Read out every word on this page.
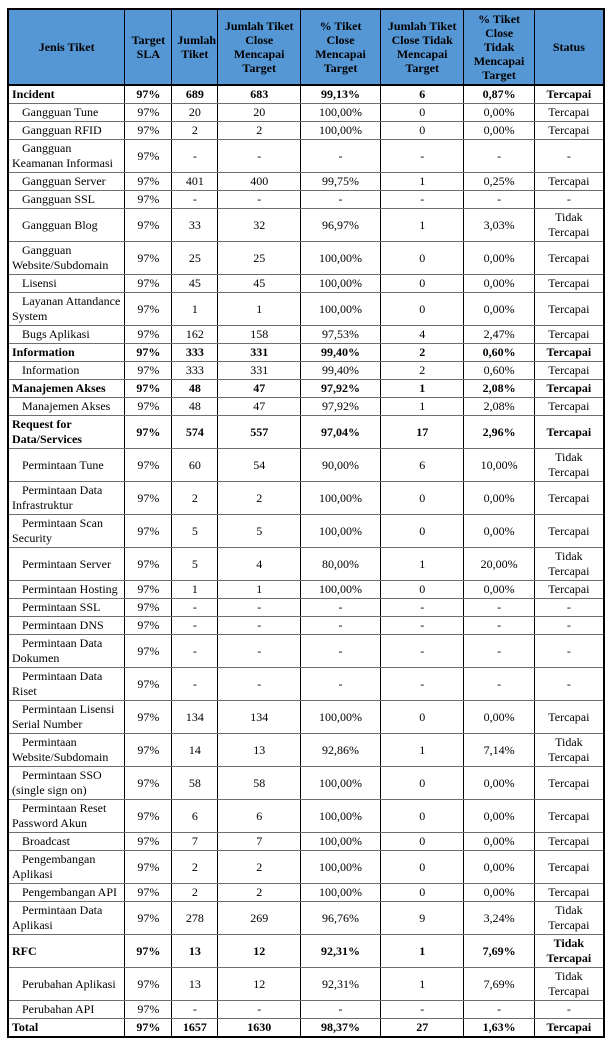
Jenis Tiket	Target SLA	Jumlah Tiket	Jumlah Tiket Close Mencapai Target	% Tiket Close Mencapai Target	Jumlah Tiket Close Tidak Mencapai Target	% Tiket Close Tidak Mencapai Target	Status

Incident	97%	689	683	99,13%	6	0,87%	Tercapai

Gangguan Tune	97%	20	20	100,00%	0	0,00%	Tercapai

Gangguan RFID	97%	2	2	100,00%	0	0,00%	Tercapai

Gangguan Keamanan Informasi	97%	-	-	-	-	-	-

Gangguan Server	97%	401	400	99,75%	1	0,25%	Tercapai

Gangguan SSL	97%	-	-	-	-	-	-

Gangguan Blog	97%	33	32	96,97%	1	3,03%	Tidak Tercapai

Gangguan Website/Subdomain	97%	25	25	100,00%	0	0,00%	Tercapai

Lisensi	97%	45	45	100,00%	0	0,00%	Tercapai

Layanan Attandance System	97%	1	1	100,00%	0	0,00%	Tercapai

Bugs Aplikasi	97%	162	158	97,53%	4	2,47%	Tercapai

Information	97%	333	331	99,40%	2	0,60%	Tercapai

Information	97%	333	331	99,40%	2	0,60%	Tercapai

Manajemen Akses	97%	48	47	97,92%	1	2,08%	Tercapai

Manajemen Akses	97%	48	47	97,92%	1	2,08%	Tercapai

Request for Data/Services	97%	574	557	97,04%	17	2,96%	Tercapai

Permintaan Tune	97%	60	54	90,00%	6	10,00%	Tidak Tercapai

Permintaan Data Infrastruktur	97%	2	2	100,00%	0	0,00%	Tercapai

Permintaan Scan Security	97%	5	5	100,00%	0	0,00%	Tercapai

Permintaan Server	97%	5	4	80,00%	1	20,00%	Tidak Tercapai

Permintaan Hosting	97%	1	1	100,00%	0	0,00%	Tercapai

Permintaan SSL	97%	-	-	-	-	-	-

Permintaan DNS	97%	-	-	-	-	-	-

Permintaan Data Dokumen	97%	-	-	-	-	-	-

Permintaan Data Riset	97%	-	-	-	-	-	-

Permintaan Lisensi Serial Number	97%	134	134	100,00%	0	0,00%	Tercapai

Permintaan Website/Subdomain	97%	14	13	92,86%	1	7,14%	Tidak Tercapai

Permintaan SSO (single sign on)	97%	58	58	100,00%	0	0,00%	Tercapai

Permintaan Reset Password Akun	97%	6	6	100,00%	0	0,00%	Tercapai

Broadcast	97%	7	7	100,00%	0	0,00%	Tercapai

Pengembangan Aplikasi	97%	2	2	100,00%	0	0,00%	Tercapai

Pengembangan API	97%	2	2	100,00%	0	0,00%	Tercapai

Permintaan Data Aplikasi	97%	278	269	96,76%	9	3,24%	Tidak Tercapai

RFC	97%	13	12	92,31%	1	7,69%	Tidak Tercapai

Perubahan Aplikasi	97%	13	12	92,31%	1	7,69%	Tidak Tercapai

Perubahan API	97%	-	-	-	-	-	-

Total	97%	1657	1630	98,37%	27	1,63%	Tercapai
